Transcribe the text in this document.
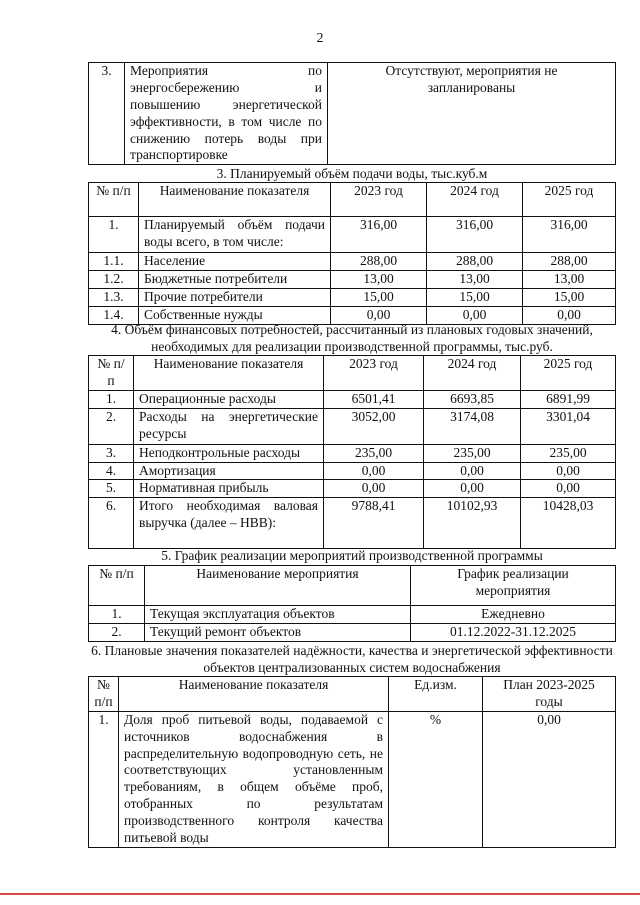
2
3.	Мероприятия по энергосбережению и повышению энергетической эффективности, в том числе по снижению потерь воды при транспортировке	Отсутствуют, мероприятия не запланированы
3. Планируемый объём подачи воды, тыс.куб.м
№ п/п	Наименование показателя	2023 год	2024 год	2025 год
1.	Планируемый объём подачи воды всего, в том числе:	316,00	316,00	316,00
1.1.	Население	288,00	288,00	288,00
1.2.	Бюджетные потребители	13,00	13,00	13,00
1.3.	Прочие потребители	15,00	15,00	15,00
1.4.	Собственные нужды	0,00	0,00	0,00
4. Объём финансовых потребностей, рассчитанный из плановых годовых значений, необходимых для реализации производственной программы, тыс.руб.
№ п/п	Наименование показателя	2023 год	2024 год	2025 год
1.	Операционные расходы	6501,41	6693,85	6891,99
2.	Расходы на энергетические ресурсы	3052,00	3174,08	3301,04
3.	Неподконтрольные расходы	235,00	235,00	235,00
4.	Амортизация	0,00	0,00	0,00
5.	Нормативная прибыль	0,00	0,00	0,00
6.	Итого необходимая валовая выручка (далее – НВВ):	9788,41	10102,93	10428,03
5. График реализации мероприятий производственной программы
№ п/п	Наименование мероприятия	График реализации мероприятия
1.	Текущая эксплуатация объектов	Ежедневно
2.	Текущий ремонт объектов	01.12.2022-31.12.2025
6. Плановые значения показателей надёжности, качества и энергетической эффективности объектов централизованных систем водоснабжения
№ п/п	Наименование показателя	Ед.изм.	План 2023-2025 годы
1.	Доля проб питьевой воды, подаваемой с источников водоснабжения в распределительную водопроводную сеть, не соответствующих установленным требованиям, в общем объёме проб, отобранных по результатам производственного контроля качества питьевой воды	%	0,00
